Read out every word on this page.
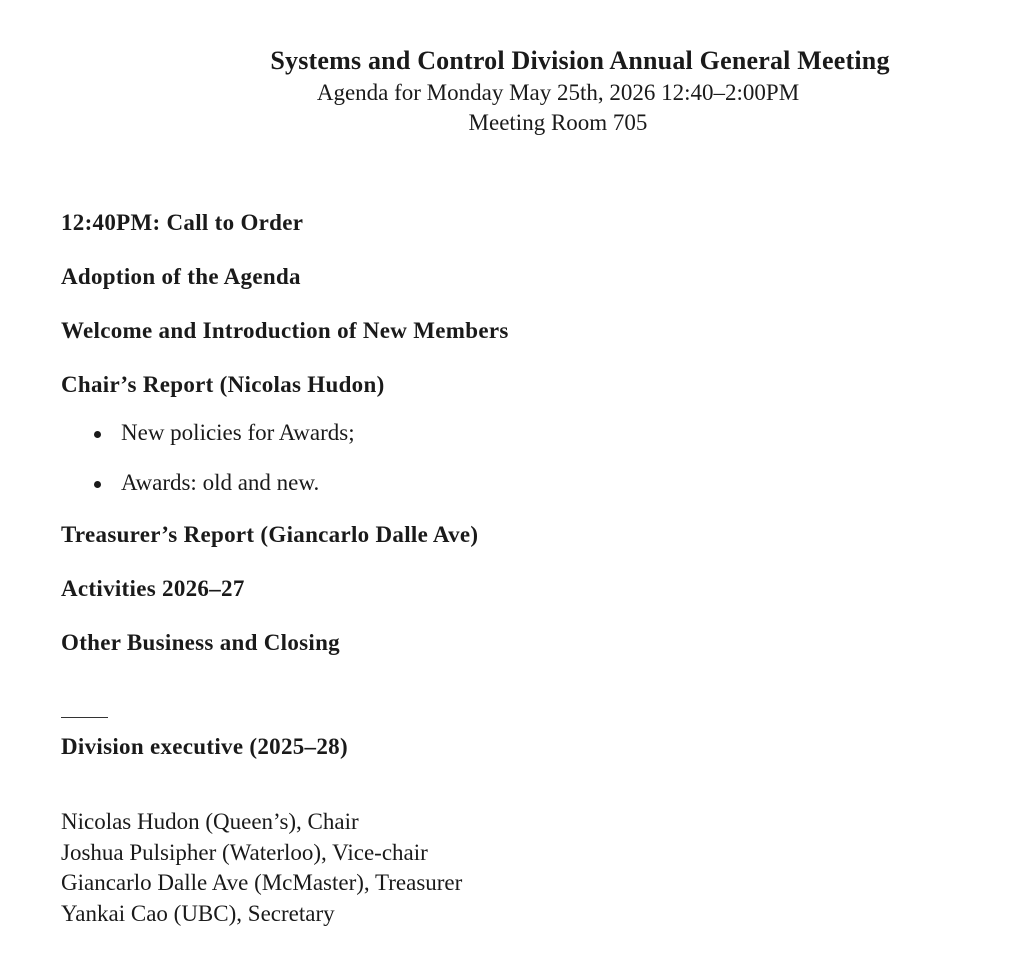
Systems and Control Division Annual General Meeting
Agenda for Monday May 25th, 2026 12:40–2:00PM
Meeting Room 705
12:40PM: Call to Order
Adoption of the Agenda
Welcome and Introduction of New Members
Chair’s Report (Nicolas Hudon)
New policies for Awards;
Awards: old and new.
Treasurer’s Report (Giancarlo Dalle Ave)
Activities 2026–27
Other Business and Closing
Division executive (2025–28)
Nicolas Hudon (Queen’s), Chair
Joshua Pulsipher (Waterloo), Vice-chair
Giancarlo Dalle Ave (McMaster), Treasurer
Yankai Cao (UBC), Secretary
